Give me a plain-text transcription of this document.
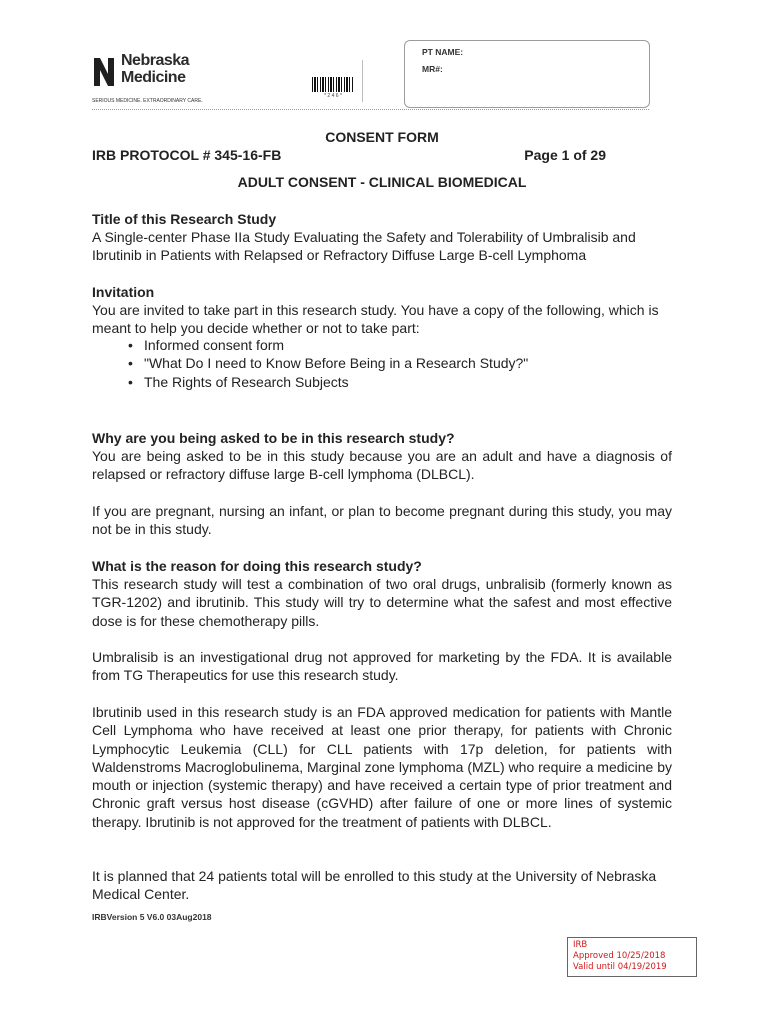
Nebraska
Medicine
SERIOUS MEDICINE. EXTRAORDINARY CARE.
* 2 4 6 *
PT NAME:
MR#:
CONSENT FORM
IRB PROTOCOL # 345-16-FB	Page 1 of 29
ADULT CONSENT - CLINICAL BIOMEDICAL
Title of this Research Study
A Single-center Phase IIa Study Evaluating the Safety and Tolerability of Umbralisib and Ibrutinib in Patients with Relapsed or Refractory Diffuse Large B-cell Lymphoma
Invitation
You are invited to take part in this research study. You have a copy of the following, which is meant to help you decide whether or not to take part:
• Informed consent form
• "What Do I need to Know Before Being in a Research Study?"
• The Rights of Research Subjects
Why are you being asked to be in this research study?
You are being asked to be in this study because you are an adult and have a diagnosis of relapsed or refractory diffuse large B-cell lymphoma (DLBCL).
If you are pregnant, nursing an infant, or plan to become pregnant during this study, you may not be in this study.
What is the reason for doing this research study?
This research study will test a combination of two oral drugs, unbralisib (formerly known as TGR-1202) and ibrutinib. This study will try to determine what the safest and most effective dose is for these chemotherapy pills.
Umbralisib is an investigational drug not approved for marketing by the FDA. It is available from TG Therapeutics for use this research study.
Ibrutinib used in this research study is an FDA approved medication for patients with Mantle Cell Lymphoma who have received at least one prior therapy, for patients with Chronic Lymphocytic Leukemia (CLL) for CLL patients with 17p deletion, for patients with Waldenstroms Macroglobulinema, Marginal zone lymphoma (MZL) who require a medicine by mouth or injection (systemic therapy) and have received a certain type of prior treatment and Chronic graft versus host disease (cGVHD) after failure of one or more lines of systemic therapy. Ibrutinib is not approved for the treatment of patients with DLBCL.
It is planned that 24 patients total will be enrolled to this study at the University of Nebraska Medical Center.
IRBVersion 5 V6.0 03Aug2018
IRB
Approved 10/25/2018
Valid until 04/19/2019
